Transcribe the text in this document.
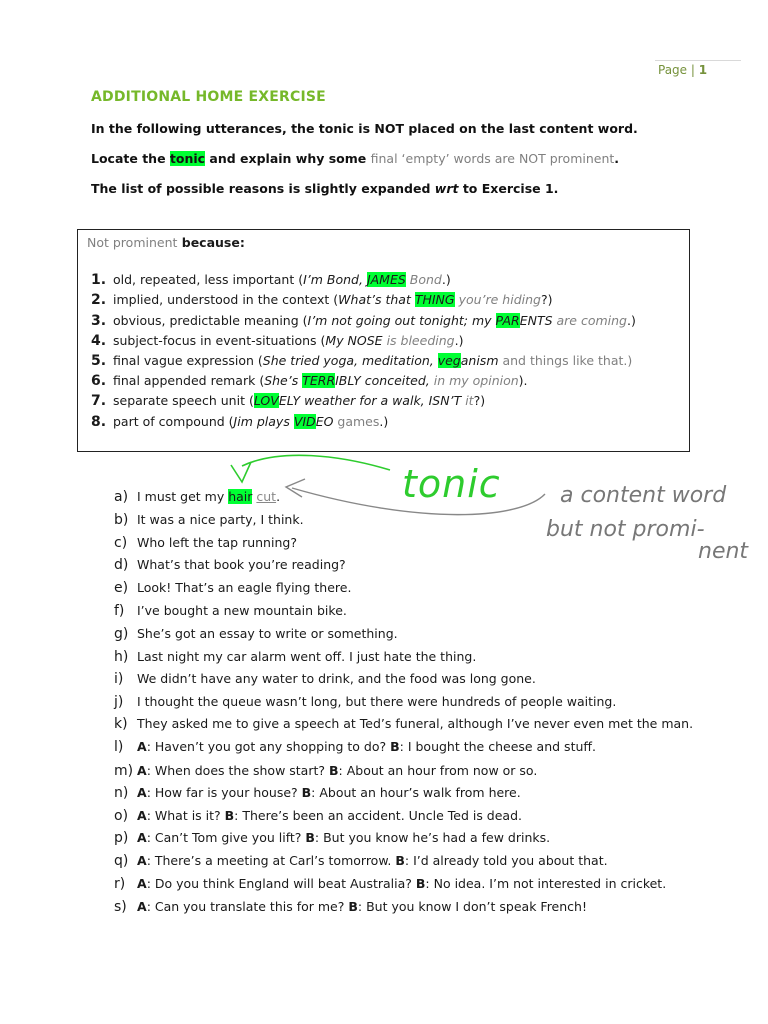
Page | 1
ADDITIONAL HOME EXERCISE
In the following utterances, the tonic is NOT placed on the last content word.
Locate the tonic and explain why some final ‘empty’ words are NOT prominent.
The list of possible reasons is slightly expanded wrt to Exercise 1.
Not prominent because:
1. old, repeated, less important (I’m Bond, JAMES Bond.)
2. implied, understood in the context (What’s that THING you’re hiding?)
3. obvious, predictable meaning (I’m not going out tonight; my PARENTS are coming.)
4. subject-focus in event-situations (My NOSE is bleeding.)
5. final vague expression (She tried yoga, meditation, veganism and things like that.)
6. final appended remark (She’s TERRIBLY conceited, in my opinion).
7. separate speech unit (LOVELY weather for a walk, ISN’T it?)
8. part of compound (Jim plays VIDEO games.)
a) I must get my hair cut.
b) It was a nice party, I think.
c) Who left the tap running?
d) What’s that book you’re reading?
e) Look! That’s an eagle flying there.
f) I’ve bought a new mountain bike.
g) She’s got an essay to write or something.
h) Last night my car alarm went off. I just hate the thing.
i) We didn’t have any water to drink, and the food was long gone.
j) I thought the queue wasn’t long, but there were hundreds of people waiting.
k) They asked me to give a speech at Ted’s funeral, although I’ve never even met the man.
l) A: Haven’t you got any shopping to do? B: I bought the cheese and stuff.
m) A: When does the show start? B: About an hour from now or so.
n) A: How far is your house? B: About an hour’s walk from here.
o) A: What is it? B: There’s been an accident. Uncle Ted is dead.
p) A: Can’t Tom give you lift? B: But you know he’s had a few drinks.
q) A: There’s a meeting at Carl’s tomorrow. B: I’d already told you about that.
r) A: Do you think England will beat Australia? B: No idea. I’m not interested in cricket.
s) A: Can you translate this for me? B: But you know I don’t speak French!
tonic	a content word
but not promi-
nent
